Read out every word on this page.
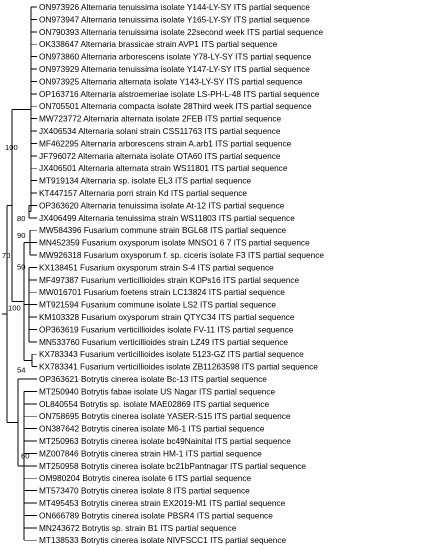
ON973926 Alternaria tenuissima isolate Y144-LY-SY ITS partial sequence
ON973947 Alternaria tenuissima isolate Y165-LY-SY ITS partial sequence
ON790393 Alternaria tenuissima isolate 22second week ITS partial sequence
OK338647 Alternaria brassicae strain AVP1 ITS partial sequence
ON973860 Alternaria arborescens isolate Y78-LY-SY ITS partial sequence
ON973929 Alternaria tenuissima isolate Y147-LY-SY ITS partial sequence
ON973925 Alternaria alternata isolate Y143-LY-SY ITS partial sequence
OP163716 Alternaria alstroemeriae isolate LS-PH-L-48 ITS partial sequence
ON705501 Alternaria compacta isolate 28Third week ITS partial sequence
MW723772 Alternaria alternata isolate 2FEB ITS partial sequence
JX406534 Alternaria solani strain CSS11763 ITS partial sequence
MF462295 Alternaria arborescens strain A.arb1 ITS partial sequence
JF796072 Alternaria alternata isolate OTA60 ITS partial sequence
JX406501 Alternaria alternata strain WS11801 ITS partial sequence
MT919134 Alternaria sp. isolate EL3 ITS partial sequence
KT447157 Alternaria porri strain Kd ITS partial sequence
OP363620 Alternaria tenuissima isolate At-12 ITS partial sequence
JX406499 Alternaria tenuissima strain WS11803 ITS partial sequence
MW584396 Fusarium commune strain BGL68 ITS partial sequence
MN452359 Fusarium oxysporum isolate MNSO1 6 7 ITS partial sequence
MW926318 Fusarium oxysporum f. sp. ciceris isolate F3 ITS partial sequence
KX138451 Fusarium oxysporum strain S-4 ITS partial sequence
MF497387 Fusarium verticillioides strain KOPs16 ITS partial sequence
MW016701 Fusarium foetens strain LC13824 ITS partial sequence
MT921594 Fusarium commune isolate LS2 ITS partial sequence
KM103328 Fusarium oxysporum strain QTYC34 ITS partial sequence
OP363619 Fusarium verticillioides isolate FV-11 ITS partial sequence
MN533760 Fusarium verticillioides strain LZ49 ITS partial sequence
KX783343 Fusarium verticillioides isolate 5123-GZ ITS partial sequence
KX783341 Fusarium verticillioides isolate ZB11263598 ITS partial sequence
OP363621 Botrytis cinerea isolate Bc-13 ITS partial sequence
MT250940 Botrytis fabae isolate US Nagar ITS partial sequence
OL840554 Botrytis sp. isolate MAE02869 ITS partial sequence
ON758695 Botrytis cinerea isolate YASER-S15 ITS partial sequence
ON387642 Botrytis cinerea isolate M6-1 ITS partial sequence
MT250963 Botrytis cinerea isolate bc49Nainital ITS partial sequence
MZ007846 Botrytis cinerea strain HM-1 ITS partial sequence
MT250958 Botrytis cinerea isolate bc21bPantnagar ITS partial sequence
OM980204 Botrytis cinerea isolate 6 ITS partial sequence
MT573470 Botrytis cinerea isolate 8 ITS partial sequence
MT495453 Botrytis cinerea strain EX2019-M1 ITS partial sequence
ON666789 Botrytis cinerea isolate PBSR4 ITS partial sequence
MN243672 Botrytis sp. strain B1 ITS partial sequence
MT138533 Botrytis cinerea isolate NIVFSCC1 ITS partial sequence
80
100
90
50
54
100
70
60
